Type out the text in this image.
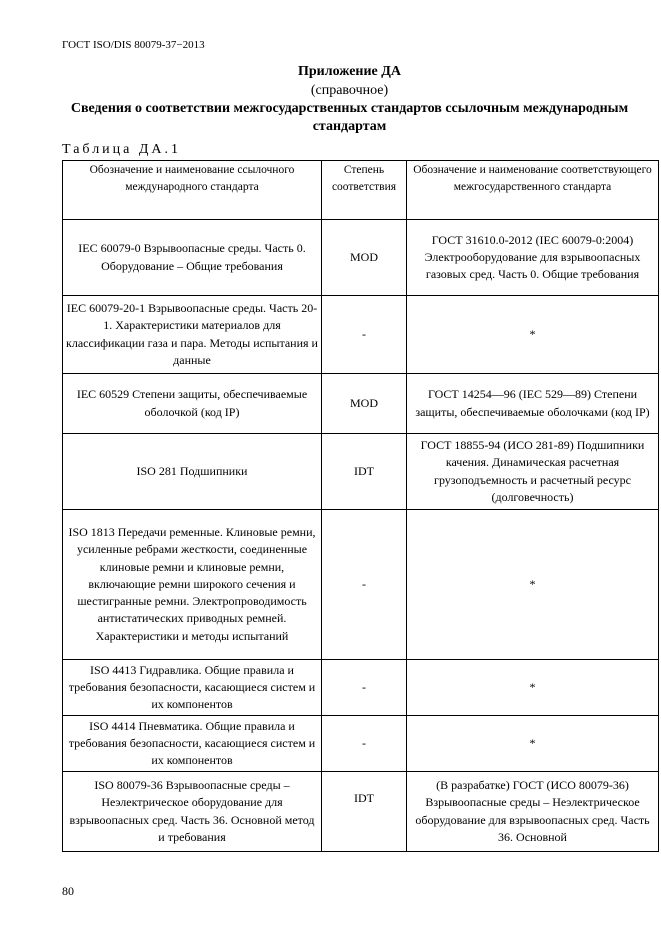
ГОСТ ISO/DIS 80079-37−2013
Приложение ДА
(справочное)
Сведения о соответствии межгосударственных стандартов ссылочным международным стандартам
Таблица ДА.1
Обозначение и наименование ссылочного международного стандарта	Степень соответствия	Обозначение и наименование соответствующего межгосударственного стандарта
IEC 60079-0 Взрывоопасные среды. Часть 0. Оборудование – Общие требования	MOD	ГОСТ 31610.0-2012 (IEC 60079-0:2004) Электрооборудование для взрывоопасных газовых сред. Часть 0. Общие требования
IEC 60079-20-1 Взрывоопасные среды. Часть 20-1. Характеристики материалов для классификации газа и пара. Методы испытания и данные	-	*
IEC 60529 Степени защиты, обеспечиваемые оболочкой (код IP)	MOD	ГОСТ 14254—96 (IEC 529—89) Степени защиты, обеспечиваемые оболочками (код IP)
ISO 281 Подшипники	IDT	ГОСТ 18855-94 (ИСО 281-89) Подшипники качения. Динамическая расчетная грузоподъемность и расчетный ресурс (долговечность)
ISO 1813 Передачи ременные. Клиновые ремни, усиленные ребрами жесткости, соединенные клиновые ремни и клиновые ремни, включающие ремни широкого сечения и шестигранные ремни. Электропроводимость антистатических приводных ремней. Характеристики и методы испытаний	-	*
ISO 4413 Гидравлика. Общие правила и требования безопасности, касающиеся систем и их компонентов	-	*
ISO 4414 Пневматика. Общие правила и требования безопасности, касающиеся систем и их компонентов	-	*
ISO 80079-36 Взрывоопасные среды – Неэлектрическое оборудование для взрывоопасных сред. Часть 36. Основной метод и требования	IDT	(В разрабатке) ГОСТ (ИСО 80079-36) Взрывоопасные среды – Неэлектрическое оборудование для взрывоопасных сред. Часть 36. Основной
80
